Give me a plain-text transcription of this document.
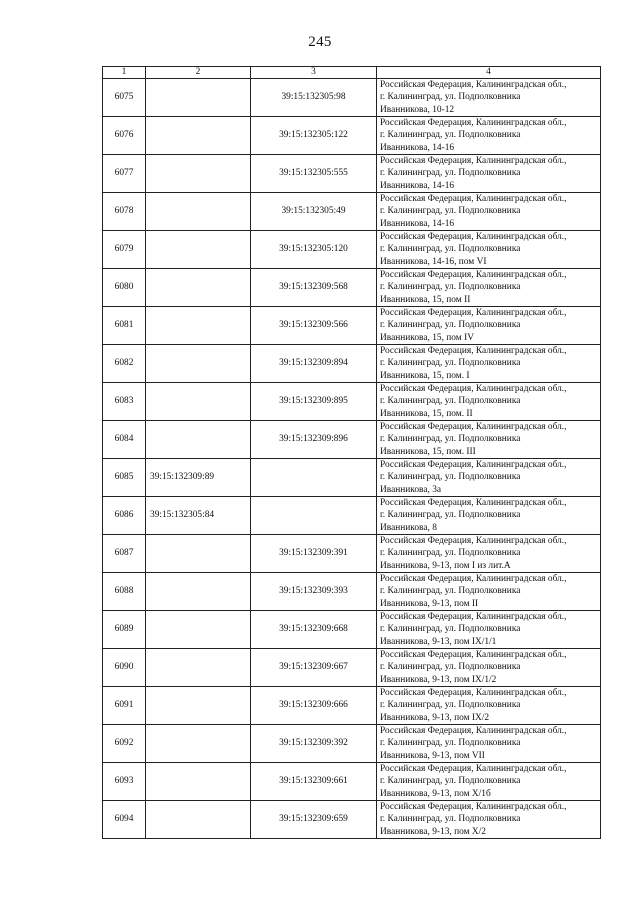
245
1	2	3	4
6075		39:15:132305:98	Российская Федерация, Калининградская обл.,
г. Калининград, ул. Подполковника
Иванникова, 10-12

6076		39:15:132305:122	Российская Федерация, Калининградская обл.,
г. Калининград, ул. Подполковника
Иванникова, 14-16

6077		39:15:132305:555	Российская Федерация, Калининградская обл.,
г. Калининград, ул. Подполковника
Иванникова, 14-16

6078		39:15:132305:49	Российская Федерация, Калининградская обл.,
г. Калининград, ул. Подполковника
Иванникова, 14-16

6079		39:15:132305:120	Российская Федерация, Калининградская обл.,
г. Калининград, ул. Подполковника
Иванникова, 14-16, пом VI

6080		39:15:132309:568	Российская Федерация, Калининградская обл.,
г. Калининград, ул. Подполковника
Иванникова, 15, пом II

6081		39:15:132309:566	Российская Федерация, Калининградская обл.,
г. Калининград, ул. Подполковника
Иванникова, 15, пом IV

6082		39:15:132309:894	Российская Федерация, Калининградская обл.,
г. Калининград, ул. Подполковника
Иванникова, 15, пом. I

6083		39:15:132309:895	Российская Федерация, Калининградская обл.,
г. Калининград, ул. Подполковника
Иванникова, 15, пом. II

6084		39:15:132309:896	Российская Федерация, Калининградская обл.,
г. Калининград, ул. Подполковника
Иванникова, 15, пом. III

6085	39:15:132309:89		Российская Федерация, Калининградская обл.,
г. Калининград, ул. Подполковника
Иванникова, 3а

6086	39:15:132305:84		Российская Федерация, Калининградская обл.,
г. Калининград, ул. Подполковника
Иванникова, 8

6087		39:15:132309:391	Российская Федерация, Калининградская обл.,
г. Калининград, ул. Подполковника
Иванникова, 9-13, пом I из лит.А

6088		39:15:132309:393	Российская Федерация, Калининградская обл.,
г. Калининград, ул. Подполковника
Иванникова, 9-13, пом II

6089		39:15:132309:668	Российская Федерация, Калининградская обл.,
г. Калининград, ул. Подполковника
Иванникова, 9-13, пом IX/1/1

6090		39:15:132309:667	Российская Федерация, Калининградская обл.,
г. Калининград, ул. Подполковника
Иванникова, 9-13, пом IX/1/2

6091		39:15:132309:666	Российская Федерация, Калининградская обл.,
г. Калининград, ул. Подполковника
Иванникова, 9-13, пом IX/2

6092		39:15:132309:392	Российская Федерация, Калининградская обл.,
г. Калининград, ул. Подполковника
Иванникова, 9-13, пом VII

6093		39:15:132309:661	Российская Федерация, Калининградская обл.,
г. Калининград, ул. Подполковника
Иванникова, 9-13, пом X/1б

6094		39:15:132309:659	Российская Федерация, Калининградская обл.,
г. Калининград, ул. Подполковника
Иванникова, 9-13, пом X/2
